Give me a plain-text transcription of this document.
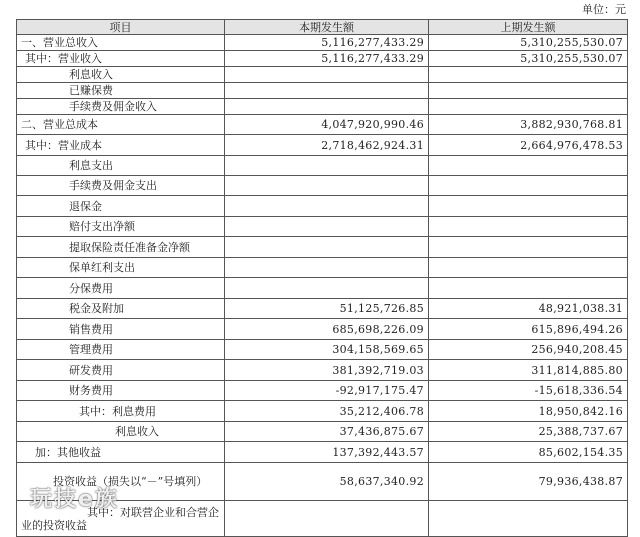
单位：元
项目	本期发生额	上期发生额
一、营业总收入	5,116,277,433.29	5,310,255,530.07
其中：营业收入	5,116,277,433.29	5,310,255,530.07
利息收入		
已赚保费		
手续费及佣金收入		
二、营业总成本	4,047,920,990.46	3,882,930,768.81
其中：营业成本	2,718,462,924.31	2,664,976,478.53
利息支出		
手续费及佣金支出		
退保金		
赔付支出净额		
提取保险责任准备金净额		
保单红利支出		
分保费用		
税金及附加	51,125,726.85	48,921,038.31
销售费用	685,698,226.09	615,896,494.26
管理费用	304,158,569.65	256,940,208.45
研发费用	381,392,719.03	311,814,885.80
财务费用	-92,917,175.47	-15,618,336.54
其中：利息费用	35,212,406.78	18,950,842.16
利息收入	37,436,875.67	25,388,737.67
加：其他收益	137,392,443.57	85,602,154.35
投资收益（损失以“－”号填列）	58,637,340.92	79,936,438.87
其中：对联营企业和合营企业的投资收益		
玩技e族
